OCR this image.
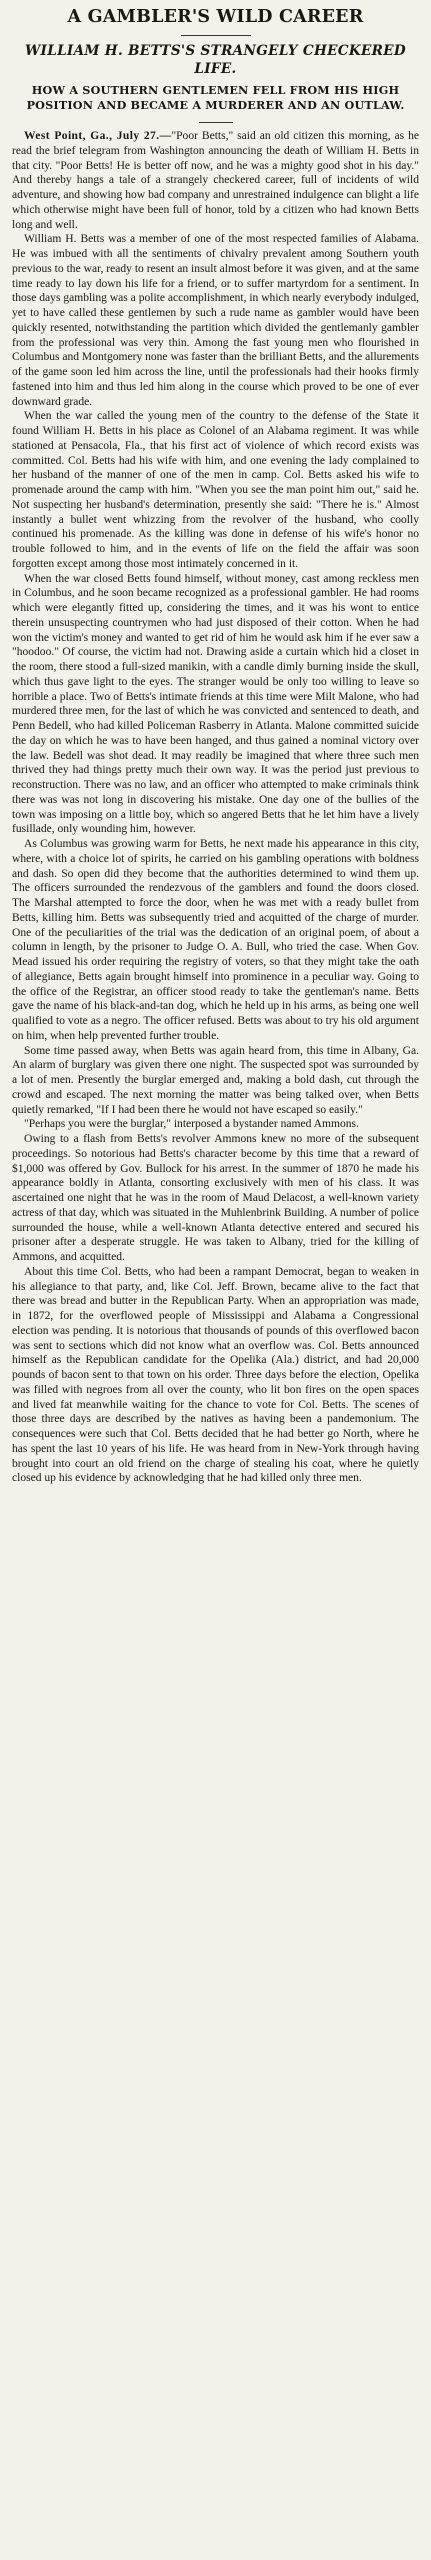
A GAMBLER'S WILD CAREER
WILLIAM H. BETTS'S STRANGELY CHECKERED LIFE.
HOW A SOUTHERN GENTLEMEN FELL FROM HIS HIGH POSITION AND BECAME A MURDERER AND AN OUTLAW.

West Point, Ga., July 27.—"Poor Betts," said an old citizen this morning, as he read the brief telegram from Washington announcing the death of William H. Betts in that city. "Poor Betts! He is better off now, and he was a mighty good shot in his day." And thereby hangs a tale of a strangely checkered career, full of incidents of wild adventure, and showing how bad company and unrestrained indulgence can blight a life which otherwise might have been full of honor, told by a citizen who had known Betts long and well.

William H. Betts was a member of one of the most respected families of Alabama. He was imbued with all the sentiments of chivalry prevalent among Southern youth previous to the war, ready to resent an insult almost before it was given, and at the same time ready to lay down his life for a friend, or to suffer martyrdom for a sentiment. In those days gambling was a polite accomplishment, in which nearly everybody indulged, yet to have called these gentlemen by such a rude name as gambler would have been quickly resented, notwithstanding the partition which divided the gentlemanly gambler from the professional was very thin. Among the fast young men who flourished in Columbus and Montgomery none was faster than the brilliant Betts, and the allurements of the game soon led him across the line, until the professionals had their hooks firmly fastened into him and thus led him along in the course which proved to be one of ever downward grade.

When the war called the young men of the country to the defense of the State it found William H. Betts in his place as Colonel of an Alabama regiment. It was while stationed at Pensacola, Fla., that his first act of violence of which record exists was committed. Col. Betts had his wife with him, and one evening the lady complained to her husband of the manner of one of the men in camp. Col. Betts asked his wife to promenade around the camp with him. "When you see the man point him out," said he. Not suspecting her husband's determination, presently she said: "There he is." Almost instantly a bullet went whizzing from the revolver of the husband, who coolly continued his promenade. As the killing was done in defense of his wife's honor no trouble followed to him, and in the events of life on the field the affair was soon forgotten except among those most intimately concerned in it.

When the war closed Betts found himself, without money, cast among reckless men in Columbus, and he soon became recognized as a professional gambler. He had rooms which were elegantly fitted up, considering the times, and it was his wont to entice therein unsuspecting countrymen who had just disposed of their cotton. When he had won the victim's money and wanted to get rid of him he would ask him if he ever saw a "hoodoo." Of course, the victim had not. Drawing aside a curtain which hid a closet in the room, there stood a full-sized manikin, with a candle dimly burning inside the skull, which thus gave light to the eyes. The stranger would be only too willing to leave so horrible a place. Two of Betts's intimate friends at this time were Milt Malone, who had murdered three men, for the last of which he was convicted and sentenced to death, and Penn Bedell, who had killed Policeman Rasberry in Atlanta. Malone committed suicide the day on which he was to have been hanged, and thus gained a nominal victory over the law. Bedell was shot dead. It may readily be imagined that where three such men thrived they had things pretty much their own way. It was the period just previous to reconstruction. There was no law, and an officer who attempted to make criminals think there was was not long in discovering his mistake. One day one of the bullies of the town was imposing on a little boy, which so angered Betts that he let him have a lively fusillade, only wounding him, however.

As Columbus was growing warm for Betts, he next made his appearance in this city, where, with a choice lot of spirits, he carried on his gambling operations with boldness and dash. So open did they become that the authorities determined to wind them up. The officers surrounded the rendezvous of the gamblers and found the doors closed. The Marshal attempted to force the door, when he was met with a ready bullet from Betts, killing him. Betts was subsequently tried and acquitted of the charge of murder. One of the peculiarities of the trial was the dedication of an original poem, of about a column in length, by the prisoner to Judge O. A. Bull, who tried the case. When Gov. Mead issued his order requiring the registry of voters, so that they might take the oath of allegiance, Betts again brought himself into prominence in a peculiar way. Going to the office of the Registrar, an officer stood ready to take the gentleman's name. Betts gave the name of his black-and-tan dog, which he held up in his arms, as being one well qualified to vote as a negro. The officer refused. Betts was about to try his old argument on him, when help prevented further trouble.

Some time passed away, when Betts was again heard from, this time in Albany, Ga. An alarm of burglary was given there one night. The suspected spot was surrounded by a lot of men. Presently the burglar emerged and, making a bold dash, cut through the crowd and escaped. The next morning the matter was being talked over, when Betts quietly remarked, "If I had been there he would not have escaped so easily."

"Perhaps you were the burglar," interposed a bystander named Ammons.

Owing to a flash from Betts's revolver Ammons knew no more of the subsequent proceedings. So notorious had Betts's character become by this time that a reward of $1,000 was offered by Gov. Bullock for his arrest. In the summer of 1870 he made his appearance boldly in Atlanta, consorting exclusively with men of his class. It was ascertained one night that he was in the room of Maud Delacost, a well-known variety actress of that day, which was situated in the Muhlenbrink Building. A number of police surrounded the house, while a well-known Atlanta detective entered and secured his prisoner after a desperate struggle. He was taken to Albany, tried for the killing of Ammons, and acquitted.

About this time Col. Betts, who had been a rampant Democrat, began to weaken in his allegiance to that party, and, like Col. Jeff. Brown, became alive to the fact that there was bread and butter in the Republican Party. When an appropriation was made, in 1872, for the overflowed people of Mississippi and Alabama a Congressional election was pending. It is notorious that thousands of pounds of this overflowed bacon was sent to sections which did not know what an overflow was. Col. Betts announced himself as the Republican candidate for the Opelika (Ala.) district, and had 20,000 pounds of bacon sent to that town on his order. Three days before the election, Opelika was filled with negroes from all over the county, who lit bon fires on the open spaces and lived fat meanwhile waiting for the chance to vote for Col. Betts. The scenes of those three days are described by the natives as having been a pandemonium. The consequences were such that Col. Betts decided that he had better go North, where he has spent the last 10 years of his life. He was heard from in New-York through having brought into court an old friend on the charge of stealing his coat, where he quietly closed up his evidence by acknowledging that he had killed only three men.
